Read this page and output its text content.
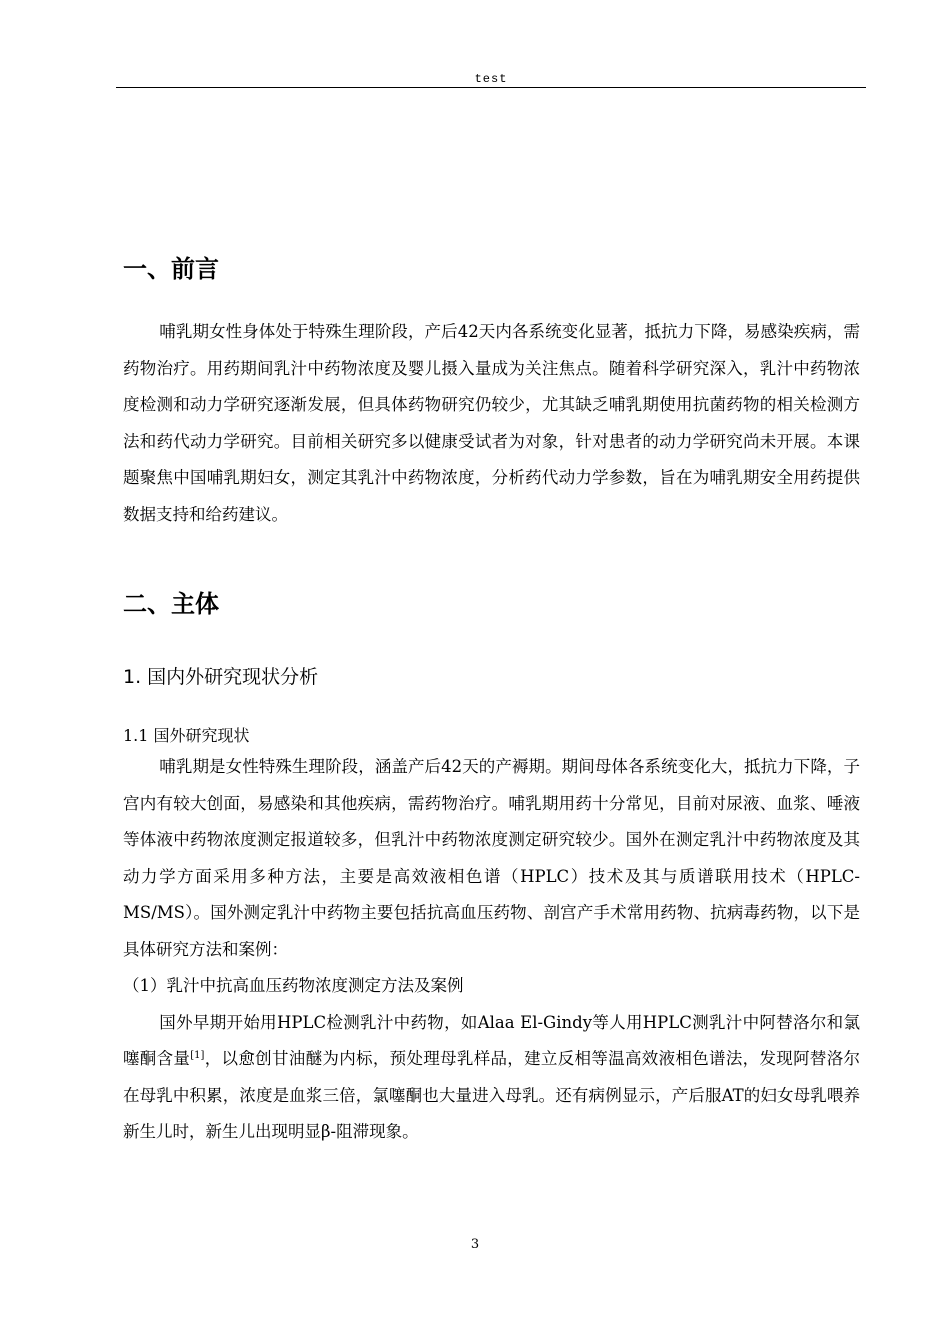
test
一、前言

哺乳期女性身体处于特殊生理阶段，产后42天内各系统变化显著，抵抗力下降，易感染疾病，需药物治疗。用药期间乳汁中药物浓度及婴儿摄入量成为关注焦点。随着科学研究深入，乳汁中药物浓度检测和动力学研究逐渐发展，但具体药物研究仍较少，尤其缺乏哺乳期使用抗菌药物的相关检测方法和药代动力学研究。目前相关研究多以健康受试者为对象，针对患者的动力学研究尚未开展。本课题聚焦中国哺乳期妇女，测定其乳汁中药物浓度，分析药代动力学参数，旨在为哺乳期安全用药提供数据支持和给药建议。

二、主体
1. 国内外研究现状分析
1.1 国外研究现状

哺乳期是女性特殊生理阶段，涵盖产后42天的产褥期。期间母体各系统变化大，抵抗力下降，子宫内有较大创面，易感染和其他疾病，需药物治疗。哺乳期用药十分常见，目前对尿液、血浆、唾液等体液中药物浓度测定报道较多，但乳汁中药物浓度测定研究较少。国外在测定乳汁中药物浓度及其动力学方面采用多种方法，主要是高效液相色谱（HPLC）技术及其与质谱联用技术（HPLC-MS/MS）。国外测定乳汁中药物主要包括抗高血压药物、剖宫产手术常用药物、抗病毒药物，以下是具体研究方法和案例：

（1）乳汁中抗高血压药物浓度测定方法及案例

国外早期开始用HPLC检测乳汁中药物，如Alaa El-Gindy等人用HPLC测乳汁中阿替洛尔和氯噻酮含量[1]，以愈创甘油醚为内标，预处理母乳样品，建立反相等温高效液相色谱法，发现阿替洛尔在母乳中积累，浓度是血浆三倍，氯噻酮也大量进入母乳。还有病例显示，产后服AT的妇女母乳喂养新生儿时，新生儿出现明显β-阻滞现象。

3
